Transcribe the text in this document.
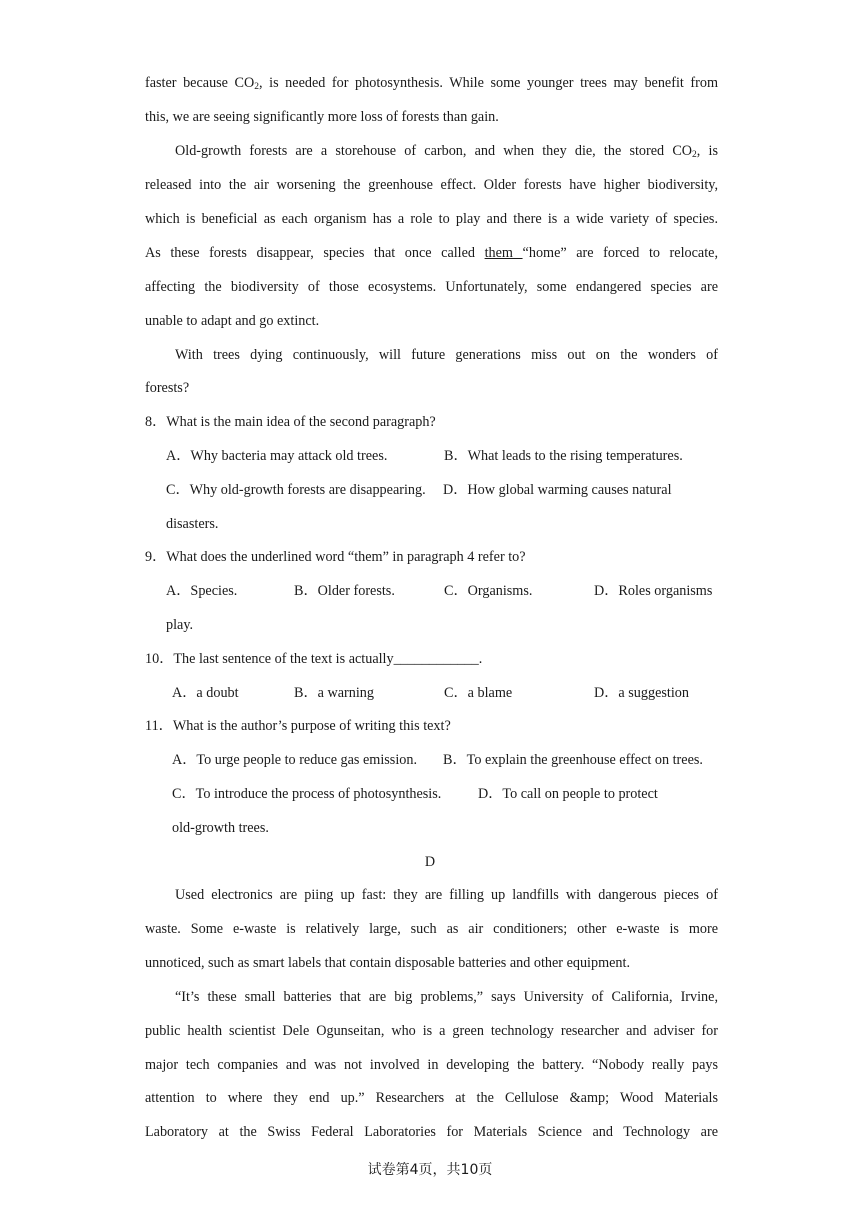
faster because $CO_2$, is needed for photosynthesis. While some younger trees may benefit from
this, we are seeing significantly more loss of forests than gain.
Old-growth forests are a storehouse of carbon, and when they die, the stored $CO_2$, is
released into the air worsening the greenhouse effect. Older forests have higher biodiversity,
which is beneficial as each organism has a role to play and there is a wide variety of species.
As these forests disappear, species that once called them “home” are forced to relocate,
affecting the biodiversity of those ecosystems. Unfortunately, some endangered species are
unable to adapt and go extinct.
With trees dying continuously, will future generations miss out on the wonders of
forests?
8．What is the main idea of the second paragraph?
A．Why bacteria may attack old trees.	B．What leads to the rising temperatures.
C．Why old-growth forests are disappearing. D．How global warming causes natural
disasters.
9．What does the underlined word “them” in paragraph 4 refer to?
A．Species.	B．Older forests.	C．Organisms.	D．Roles organisms
play.
10．The last sentence of the text is actually____________.
A．a doubt	B．a warning	C．a blame	D．a suggestion
11．What is the author’s purpose of writing this text?
A．To urge people to reduce gas emission. B．To explain the greenhouse effect on trees.
C．To introduce the process of photosynthesis.	D．To call on people to protect
old-growth trees.
D
Used electronics are piing up fast: they are filling up landfills with dangerous pieces of
waste. Some e-waste is relatively large, such as air conditioners; other e-waste is more
unnoticed, such as smart labels that contain disposable batteries and other equipment.
“It’s these small batteries that are big problems,” says University of California, Irvine,
public health scientist Dele Ogunseitan, who is a green technology researcher and adviser for
major tech companies and was not involved in developing the battery. “Nobody really pays
attention to where they end up.” Researchers at the Cellulose &amp; Wood Materials
Laboratory at the Swiss Federal Laboratories for Materials Science and Technology are
试卷第4页，共10页
